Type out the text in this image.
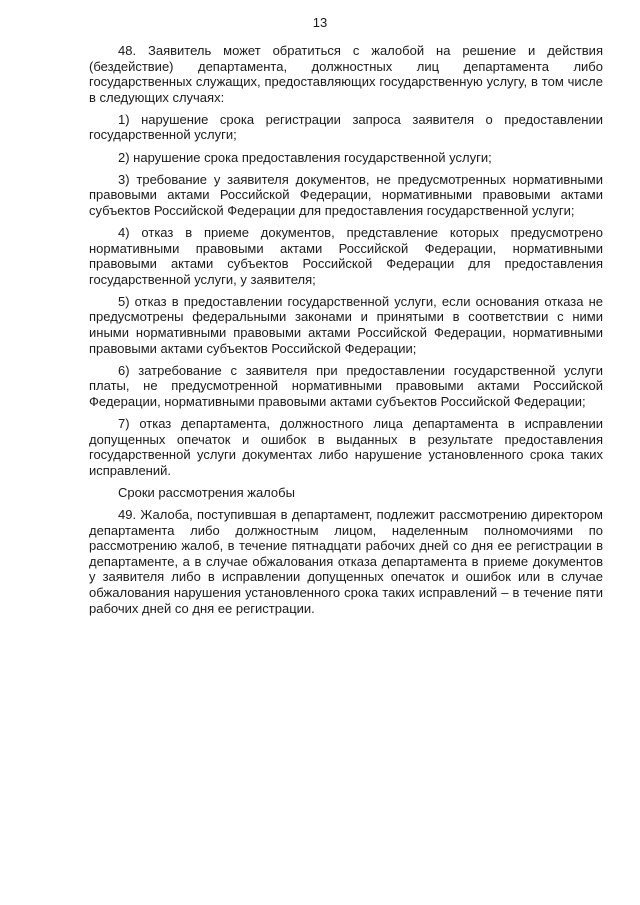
13

48. Заявитель может обратиться с жалобой на решение и действия (бездействие) департамента, должностных лиц департамента либо государственных служащих, предоставляющих государственную услугу, в том числе в следующих случаях:

1) нарушение срока регистрации запроса заявителя о предоставлении государственной услуги;

2) нарушение срока предоставления государственной услуги;

3) требование у заявителя документов, не предусмотренных нормативными правовыми актами Российской Федерации, нормативными правовыми актами субъектов Российской Федерации для предоставления государственной услуги;

4) отказ в приеме документов, представление которых предусмотрено нормативными правовыми актами Российской Федерации, нормативными правовыми актами субъектов Российской Федерации для предоставления государственной услуги, у заявителя;

5) отказ в предоставлении государственной услуги, если основания отказа не предусмотрены федеральными законами и принятыми в соответствии с ними иными нормативными правовыми актами Российской Федерации, нормативными правовыми актами субъектов Российской Федерации;

6) затребование с заявителя при предоставлении государственной услуги платы, не предусмотренной нормативными правовыми актами Российской Федерации, нормативными правовыми актами субъектов Российской Федерации;

7) отказ департамента, должностного лица департамента в исправлении допущенных опечаток и ошибок в выданных в результате предоставления государственной услуги документах либо нарушение установленного срока таких исправлений.

Сроки рассмотрения жалобы

49. Жалоба, поступившая в департамент, подлежит рассмотрению директором департамента либо должностным лицом, наделенным полномочиями по рассмотрению жалоб, в течение пятнадцати рабочих дней со дня ее регистрации в департаменте, а в случае обжалования отказа департамента в приеме документов у заявителя либо в исправлении допущенных опечаток и ошибок или в случае обжалования нарушения установленного срока таких исправлений – в течение пяти рабочих дней со дня ее регистрации.
